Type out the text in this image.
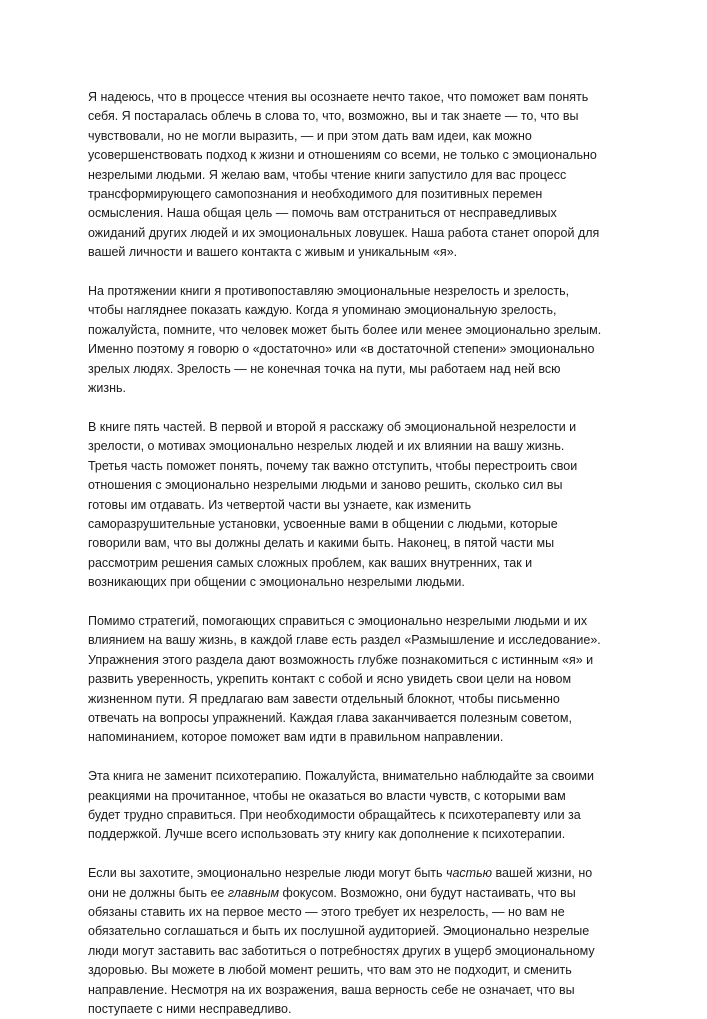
Я надеюсь, что в процессе чтения вы осознаете нечто такое, что поможет вам понять
себя. Я постаралась облечь в слова то, что, возможно, вы и так знаете — то, что вы
чувствовали, но не могли выразить, — и при этом дать вам идеи, как можно
усовершенствовать подход к жизни и отношениям со всеми, не только с эмоционально
незрелыми людьми. Я желаю вам, чтобы чтение книги запустило для вас процесс
трансформирующего самопознания и необходимого для позитивных перемен
осмысления. Наша общая цель — помочь вам отстраниться от несправедливых
ожиданий других людей и их эмоциональных ловушек. Наша работа станет опорой для
вашей личности и вашего контакта с живым и уникальным «я».

На протяжении книги я противопоставляю эмоциональные незрелость и зрелость,
чтобы нагляднее показать каждую. Когда я упоминаю эмоциональную зрелость,
пожалуйста, помните, что человек может быть более или менее эмоционально зрелым.
Именно поэтому я говорю о «достаточно» или «в достаточной степени» эмоционально
зрелых людях. Зрелость — не конечная точка на пути, мы работаем над ней всю
жизнь.

В книге пять частей. В первой и второй я расскажу об эмоциональной незрелости и
зрелости, о мотивах эмоционально незрелых людей и их влиянии на вашу жизнь.
Третья часть поможет понять, почему так важно отступить, чтобы перестроить свои
отношения с эмоционально незрелыми людьми и заново решить, сколько сил вы
готовы им отдавать. Из четвертой части вы узнаете, как изменить
саморазрушительные установки, усвоенные вами в общении с людьми, которые
говорили вам, что вы должны делать и какими быть. Наконец, в пятой части мы
рассмотрим решения самых сложных проблем, как ваших внутренних, так и
возникающих при общении с эмоционально незрелыми людьми.

Помимо стратегий, помогающих справиться с эмоционально незрелыми людьми и их
влиянием на вашу жизнь, в каждой главе есть раздел «Размышление и исследование».
Упражнения этого раздела дают возможность глубже познакомиться с истинным «я» и
развить уверенность, укрепить контакт с собой и ясно увидеть свои цели на новом
жизненном пути. Я предлагаю вам завести отдельный блокнот, чтобы письменно
отвечать на вопросы упражнений. Каждая глава заканчивается полезным советом,
напоминанием, которое поможет вам идти в правильном направлении.

Эта книга не заменит психотерапию. Пожалуйста, внимательно наблюдайте за своими
реакциями на прочитанное, чтобы не оказаться во власти чувств, с которыми вам
будет трудно справиться. При необходимости обращайтесь к психотерапевту или за
поддержкой. Лучше всего использовать эту книгу как дополнение к психотерапии.

Если вы захотите, эмоционально незрелые люди могут быть частью вашей жизни, но
они не должны быть ее главным фокусом. Возможно, они будут настаивать, что вы
обязаны ставить их на первое место — этого требует их незрелость, — но вам не
обязательно соглашаться и быть их послушной аудиторией. Эмоционально незрелые
люди могут заставить вас заботиться о потребностях других в ущерб эмоциональному
здоровью. Вы можете в любой момент решить, что вам это не подходит, и сменить
направление. Несмотря на их возражения, ваша верность себе не означает, что вы
поступаете с ними несправедливо.
